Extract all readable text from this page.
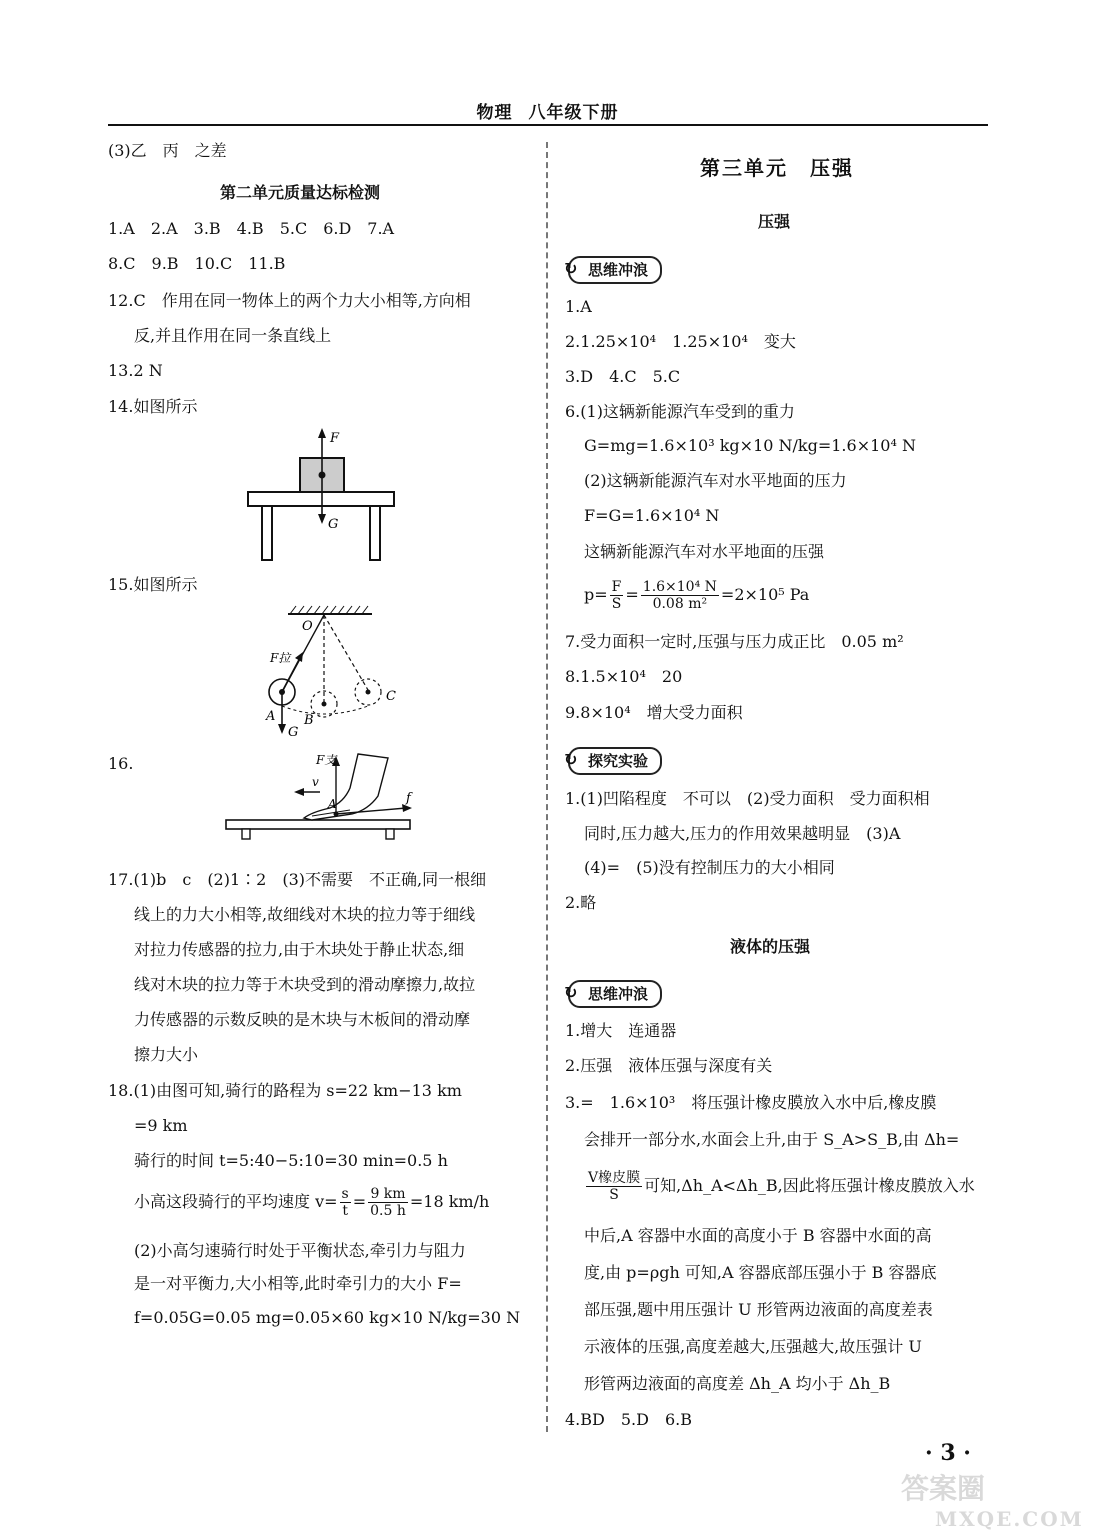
物理 八年级下册
(3)乙　丙　之差
第二单元质量达标检测
1.A　2.A　3.B　4.B　5.C　6.D　7.A
8.C　9.B　10.C　11.B
12.C　作用在同一物体上的两个力大小相等,方向相
反,并且作用在同一条直线上
13.2 N
14.如图所示
F
G
15.如图所示
O
F拉
A B
C
G
16.	F支
v
A	f
17.(1)b　c　(2)1∶2　(3)不需要　不正确,同一根细
线上的力大小相等,故细线对木块的拉力等于细线
对拉力传感器的拉力,由于木块处于静止状态,细
线对木块的拉力等于木块受到的滑动摩擦力,故拉
力传感器的示数反映的是木块与木板间的滑动摩
擦力大小
18.(1)由图可知,骑行的路程为 s=22 km−13 km
=9 km
骑行的时间 t=5:40−5:10=30 min=0.5 h
小高这段骑行的平均速度 $v= \frac{s}{t} = \frac{9 km}{0.5 h} =18$ km/h
(2)小高匀速骑行时处于平衡状态,牵引力与阻力
是一对平衡力,大小相等,此时牵引力的大小 F=
f=0.05G=0.05 mg=0.05×60 kg×10 N/kg=30 N
第三单元　压强
压强
↻ 思维冲浪
1.A
2.1.25×10⁴　1.25×10⁴　变大
3.D　4.C　5.C
6.(1)这辆新能源汽车受到的重力
G=mg=1.6×10³ kg×10 N/kg=1.6×10⁴ N
(2)这辆新能源汽车对水平地面的压力
F=G=1.6×10⁴ N
这辆新能源汽车对水平地面的压强
$p= \frac{F}{S} = \frac{\text{1.6×10⁴ N}}{\text{0.08 m²}} =2\times 10^5$ Pa
7.受力面积一定时,压强与压力成正比　0.05 m²
8.1.5×10⁴　20
9.8×10⁴　增大受力面积
↻ 探究实验
1.(1)凹陷程度　不可以　(2)受力面积　受力面积相
同时,压力越大,压力的作用效果越明显　(3)A
(4)=　(5)没有控制压力的大小相同
2.略
液体的压强
↻ 思维冲浪
1.增大　连通器
2.压强　液体压强与深度有关
3.=　1.6×10³　将压强计橡皮膜放入水中后,橡皮膜
会排开一部分水,水面会上升,由于 S_A>S_B,由 Δh=
$\frac{\text{V橡皮膜}}{S}$ 可知,Δh_A<Δh_B,因此将压强计橡皮膜放入水
中后,A 容器中水面的高度小于 B 容器中水面的高
度,由 p=ρgh 可知,A 容器底部压强小于 B 容器底
部压强,题中用压强计 U 形管两边液面的高度差表
示液体的压强,高度差越大,压强越大,故压强计 U
形管两边液面的高度差 Δh_A 均小于 Δh_B
4.BD　5.D　6.B
· 3 ·
答案圈
MXQE.COM
